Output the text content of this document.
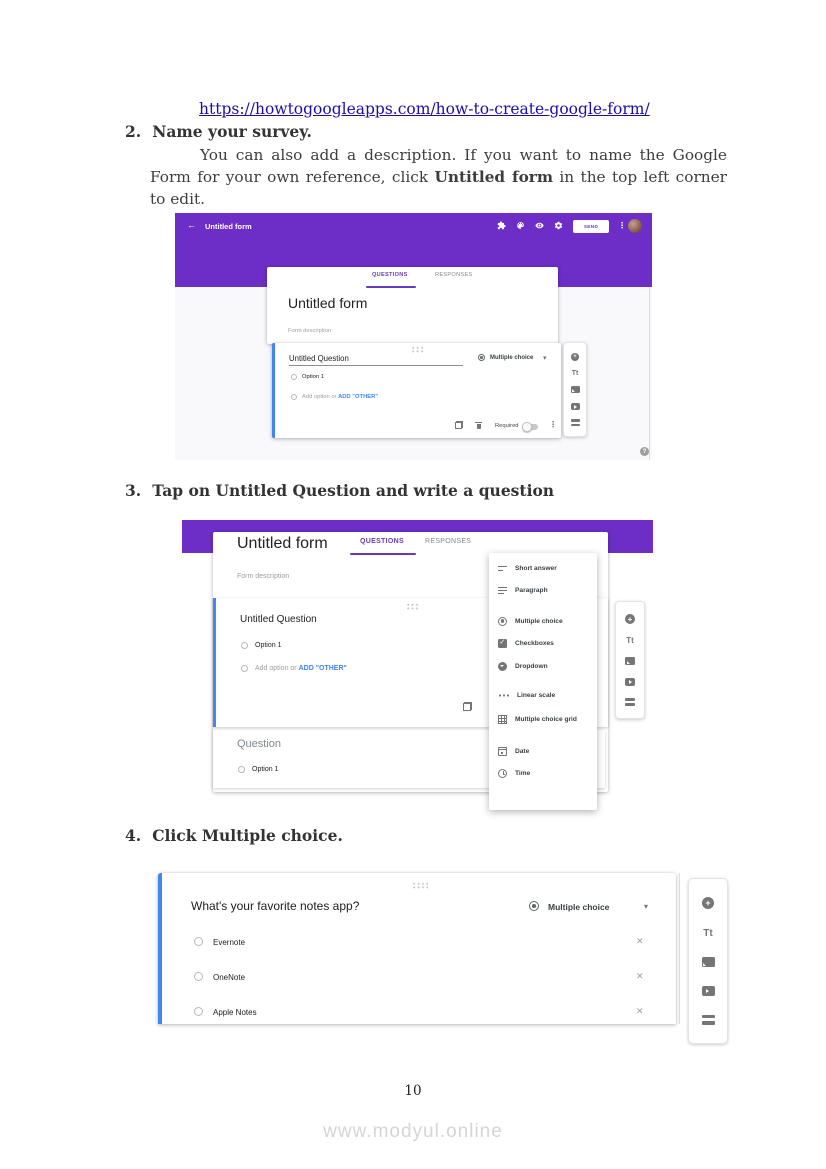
https://howtogoogleapps.com/how-to-create-google-form/
2. Name your survey.
You can also add a description. If you want to name the Google
Form for your own reference, click Untitled form in the top left corner
to edit.
← Untitled form	SEND	⋮
QUESTIONS	RESPONSES
Untitled form
Form description
Untitled Question	Multiple choice ▾
Option 1
Add option or ADD "OTHER"
Required	⋮
+
Tt
?
3. Tap on Untitled Question and write a question
QUESTIONS	RESPONSES
Untitled form
Form description
Untitled Question
Option 1
Add option or ADD "OTHER"
Question
Option 1
Short answer
Paragraph
Multiple choice
✓
Checkboxes
Dropdown
Linear scale
Multiple choice grid
Date
Time
+
Tt
4. Click Multiple choice.
What's your favorite notes app?	Multiple choice	▾
Evernote	✕
OneNote	✕
Apple Notes	✕
+
Tt
10
www.modyul.online
